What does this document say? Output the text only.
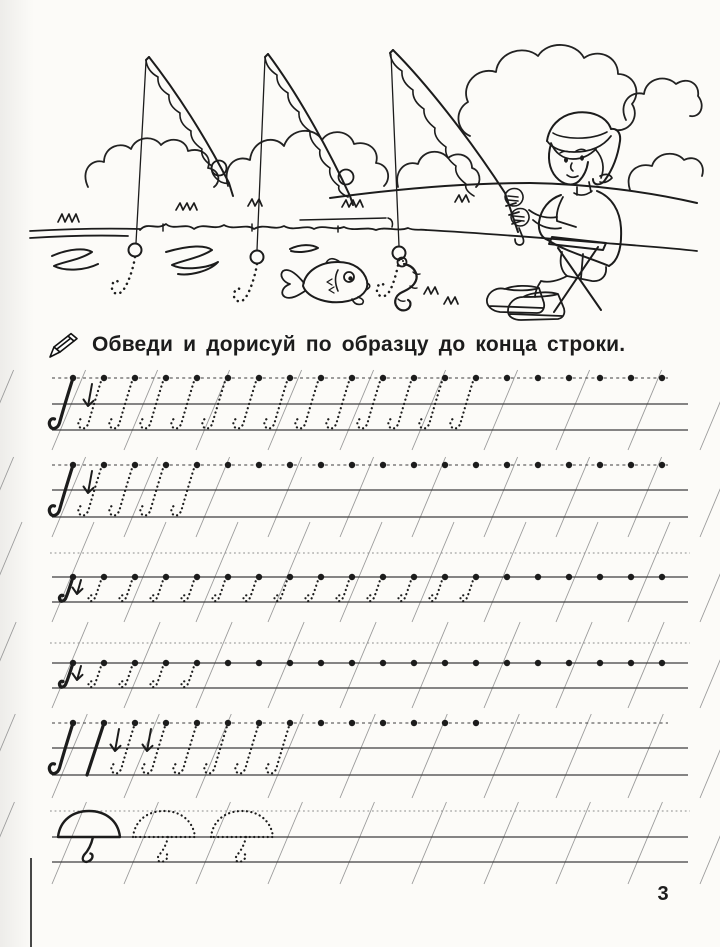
Обведи и дорисуй по образцу до конца строки.
3
